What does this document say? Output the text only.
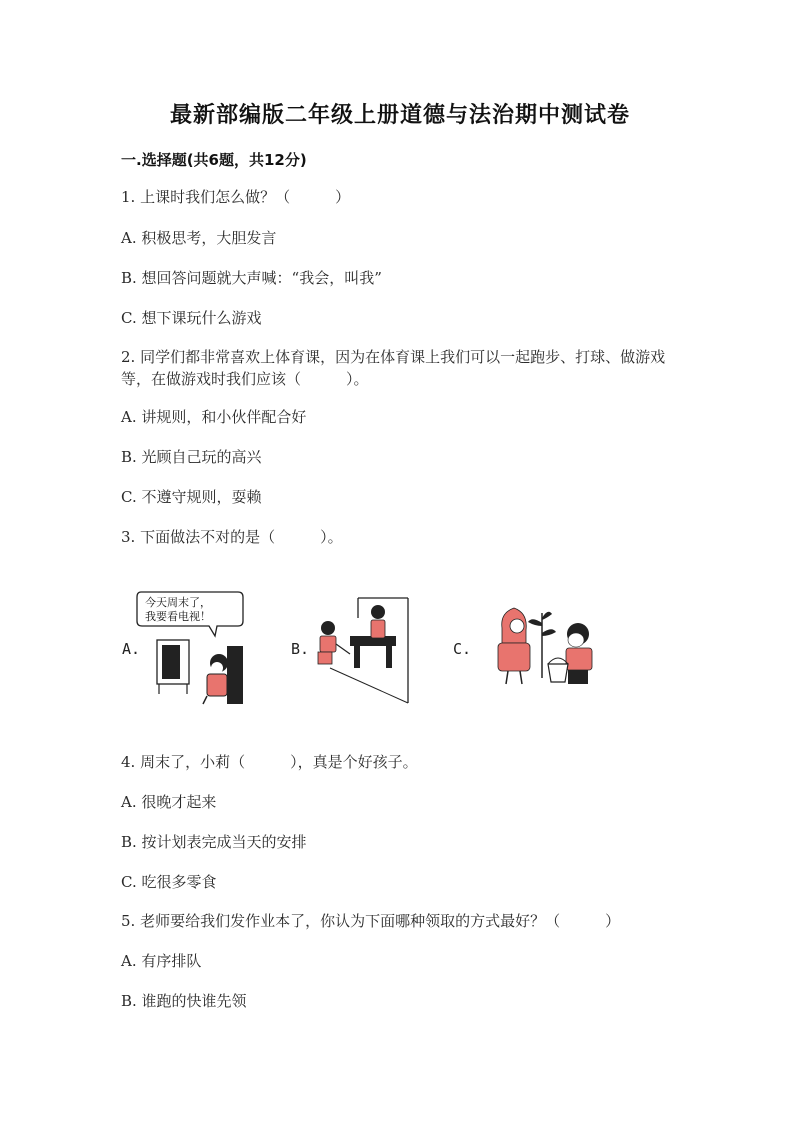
最新部编版二年级上册道德与法治期中测试卷
一.选择题(共6题，共12分)
1. 上课时我们怎么做？（　　　）
A. 积极思考，大胆发言
B. 想回答问题就大声喊：“我会，叫我”
C. 想下课玩什么游戏
2. 同学们都非常喜欢上体育课，因为在体育课上我们可以一起跑步、打球、做游戏等，在做游戏时我们应该（　　　）。
A. 讲规则，和小伙伴配合好
B. 光顾自己玩的高兴
C. 不遵守规则，耍赖
3. 下面做法不对的是（　　　）。
A.	B.	C.
今天周末了，
我要看电视！
4. 周末了，小莉（　　　），真是个好孩子。
A. 很晚才起来
B. 按计划表完成当天的安排
C. 吃很多零食
5. 老师要给我们发作业本了，你认为下面哪种领取的方式最好？（　　　）
A. 有序排队
B. 谁跑的快谁先领
